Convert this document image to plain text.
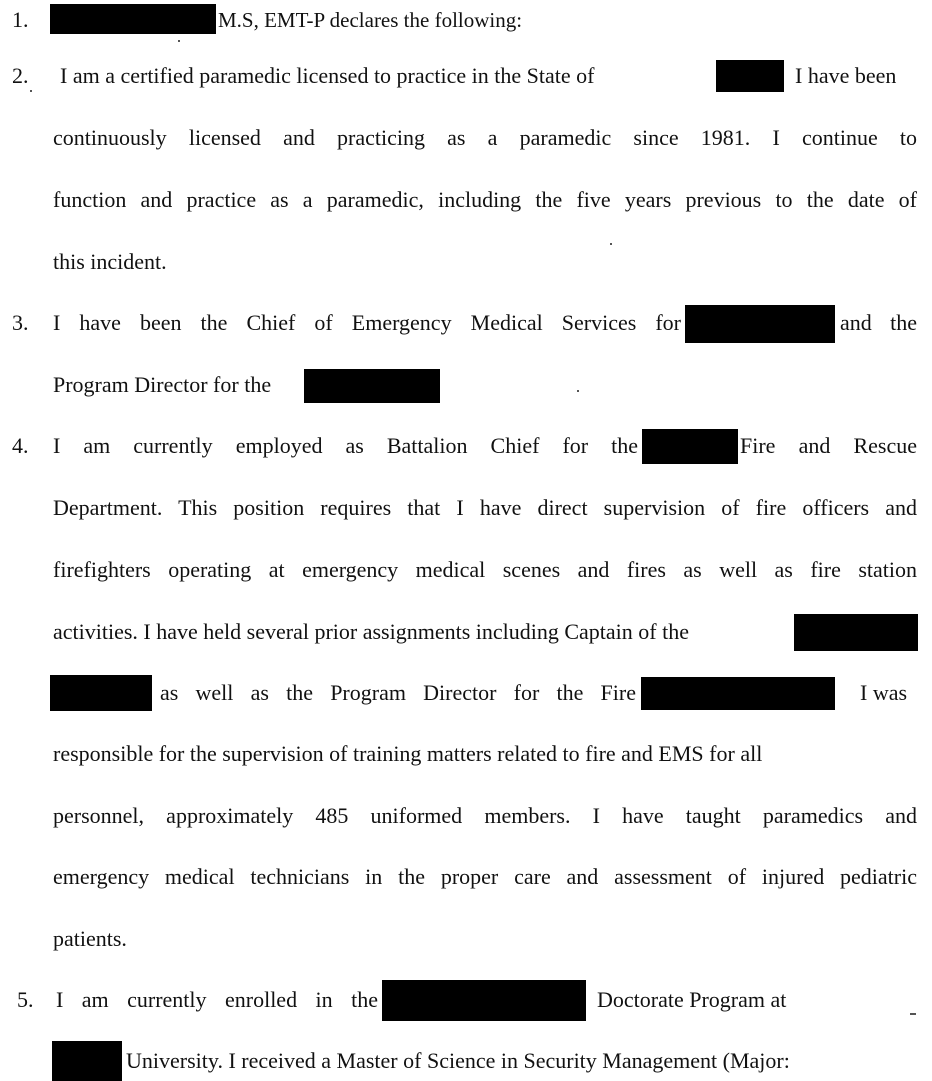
1.	M.S, EMT-P declares the following:
2. I am a certified paramedic licensed to practice in the State of	I have been
continuously licensed and practicing as a paramedic since 1981. I continue to
function and practice as a paramedic, including the five years previous to the date of
this incident.
3. I have been the Chief of Emergency Medical Services for	and the
Program Director for the
4. I am currently employed as Battalion Chief for the	Fire and Rescue
Department. This position requires that I have direct supervision of fire officers and
firefighters operating at emergency medical scenes and fires as well as fire station
activities. I have held several prior assignments including Captain of the
as well as the Program Director for the Fire	I was
responsible for the supervision of training matters related to fire and EMS for all
personnel, approximately 485 uniformed members. I have taught paramedics and
emergency medical technicians in the proper care and assessment of injured pediatric
patients.
5. I am currently enrolled in the	Doctorate Program at
University. I received a Master of Science in Security Management (Major:
